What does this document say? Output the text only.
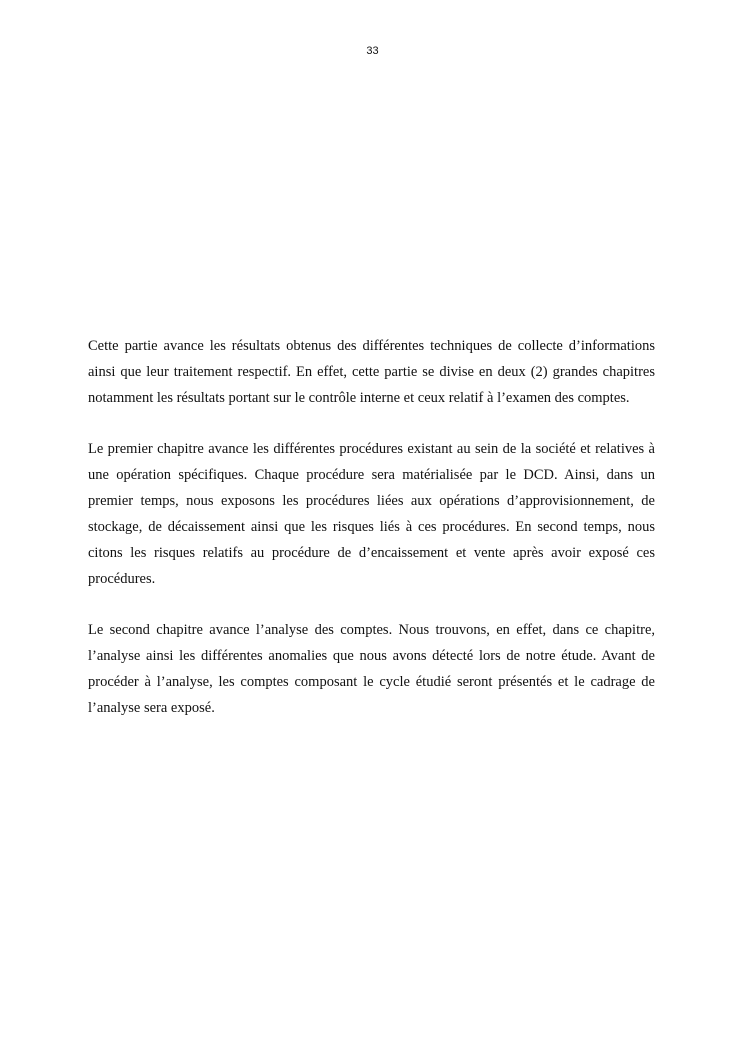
33

Cette partie avance les résultats obtenus des différentes techniques de collecte d’informations ainsi que leur traitement respectif. En effet, cette partie se divise en deux (2) grandes chapitres notamment les résultats portant sur le contrôle interne et ceux relatif à l’examen des comptes.

Le premier chapitre avance les différentes procédures existant au sein de la société et relatives à une opération spécifiques. Chaque procédure sera matérialisée par le DCD. Ainsi, dans un premier temps, nous exposons les procédures liées aux opérations d’approvisionnement, de stockage, de décaissement ainsi que les risques liés à ces procédures. En second temps, nous citons les risques relatifs au procédure de d’encaissement et vente après avoir exposé ces procédures.

Le second chapitre avance l’analyse des comptes. Nous trouvons, en effet, dans ce chapitre, l’analyse ainsi les différentes anomalies que nous avons détecté lors de notre étude. Avant de procéder à l’analyse, les comptes composant le cycle étudié seront présentés et le cadrage de l’analyse sera exposé.
